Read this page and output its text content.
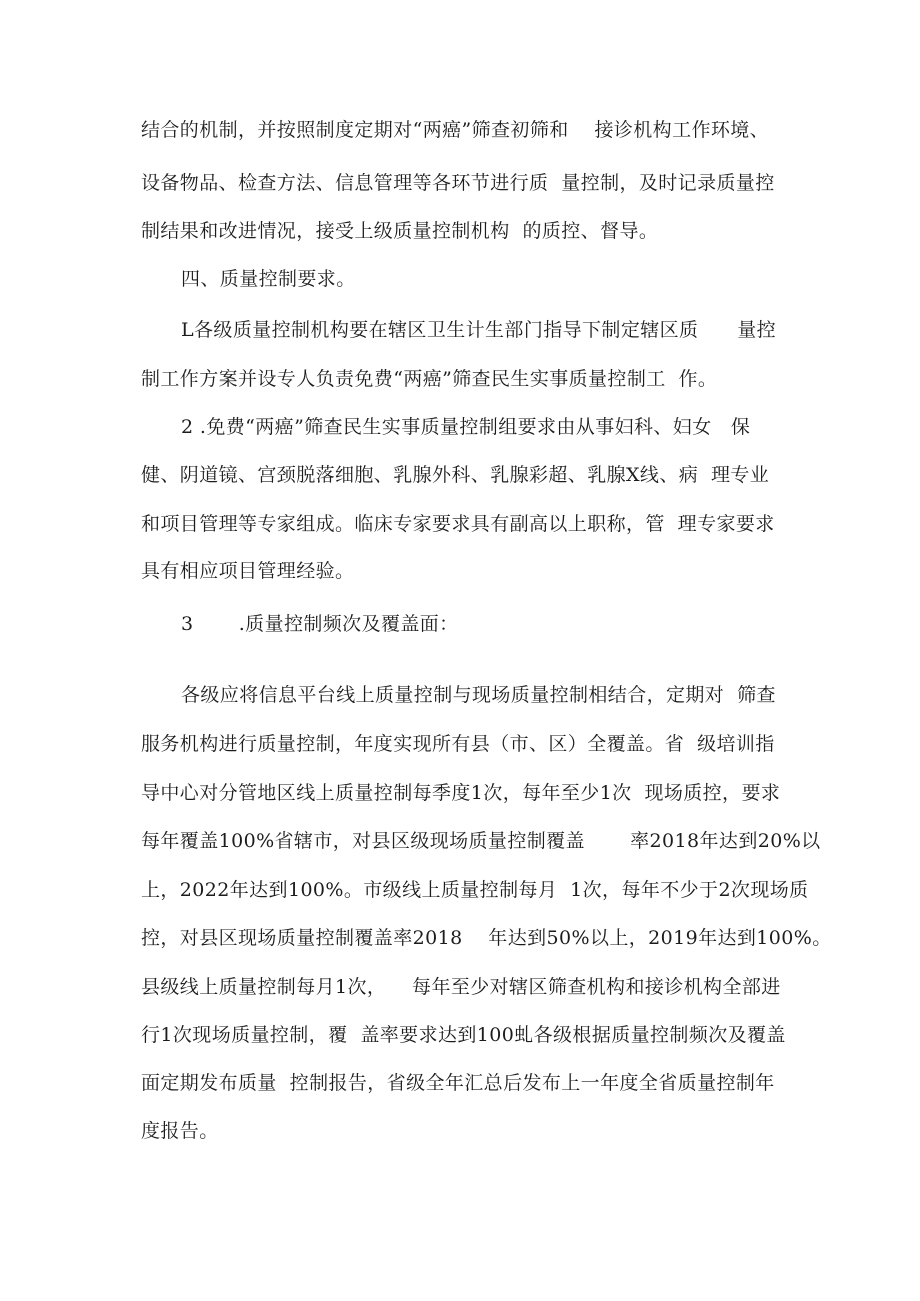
结合的机制，并按照制度定期对“两癌”筛查初筛和　 接诊机构工作环境、

设备物品、检查方法、信息管理等各环节进行质  量控制，及时记录质量控

制结果和改进情况，接受上级质量控制机构  的质控、督导。

四、质量控制要求。

L各级质量控制机构要在辖区卫生计生部门指导下制定辖区质　　量控

制工作方案并设专人负责免费“两癌”筛查民生实事质量控制工  作。

2 .免费“两癌”筛查民生实事质量控制组要求由从事妇科、妇女   保

健、阴道镜、宫颈脱落细胞、乳腺外科、乳腺彩超、乳腺X线、病  理专业

和项目管理等专家组成。临床专家要求具有副高以上职称，管  理专家要求

具有相应项目管理经验。

3　　 .质量控制频次及覆盖面：

各级应将信息平台线上质量控制与现场质量控制相结合，定期对  筛查

服务机构进行质量控制，年度实现所有县（市、区）全覆盖。省  级培训指

导中心对分管地区线上质量控制每季度1次，每年至少1次  现场质控，要求

每年覆盖100%省辖市，对县区级现场质量控制覆盖　　 率2018年达到20%以

上，2022年达到100%。市级线上质量控制每月  1次，每年不少于2次现场质

控，对县区现场质量控制覆盖率2018    年达到50%以上，2019年达到100%。

县级线上质量控制每月1次，    每年至少对辖区筛查机构和接诊机构全部进

行1次现场质量控制，覆  盖率要求达到100虬各级根据质量控制频次及覆盖

面定期发布质量  控制报告，省级全年汇总后发布上一年度全省质量控制年

度报告。
